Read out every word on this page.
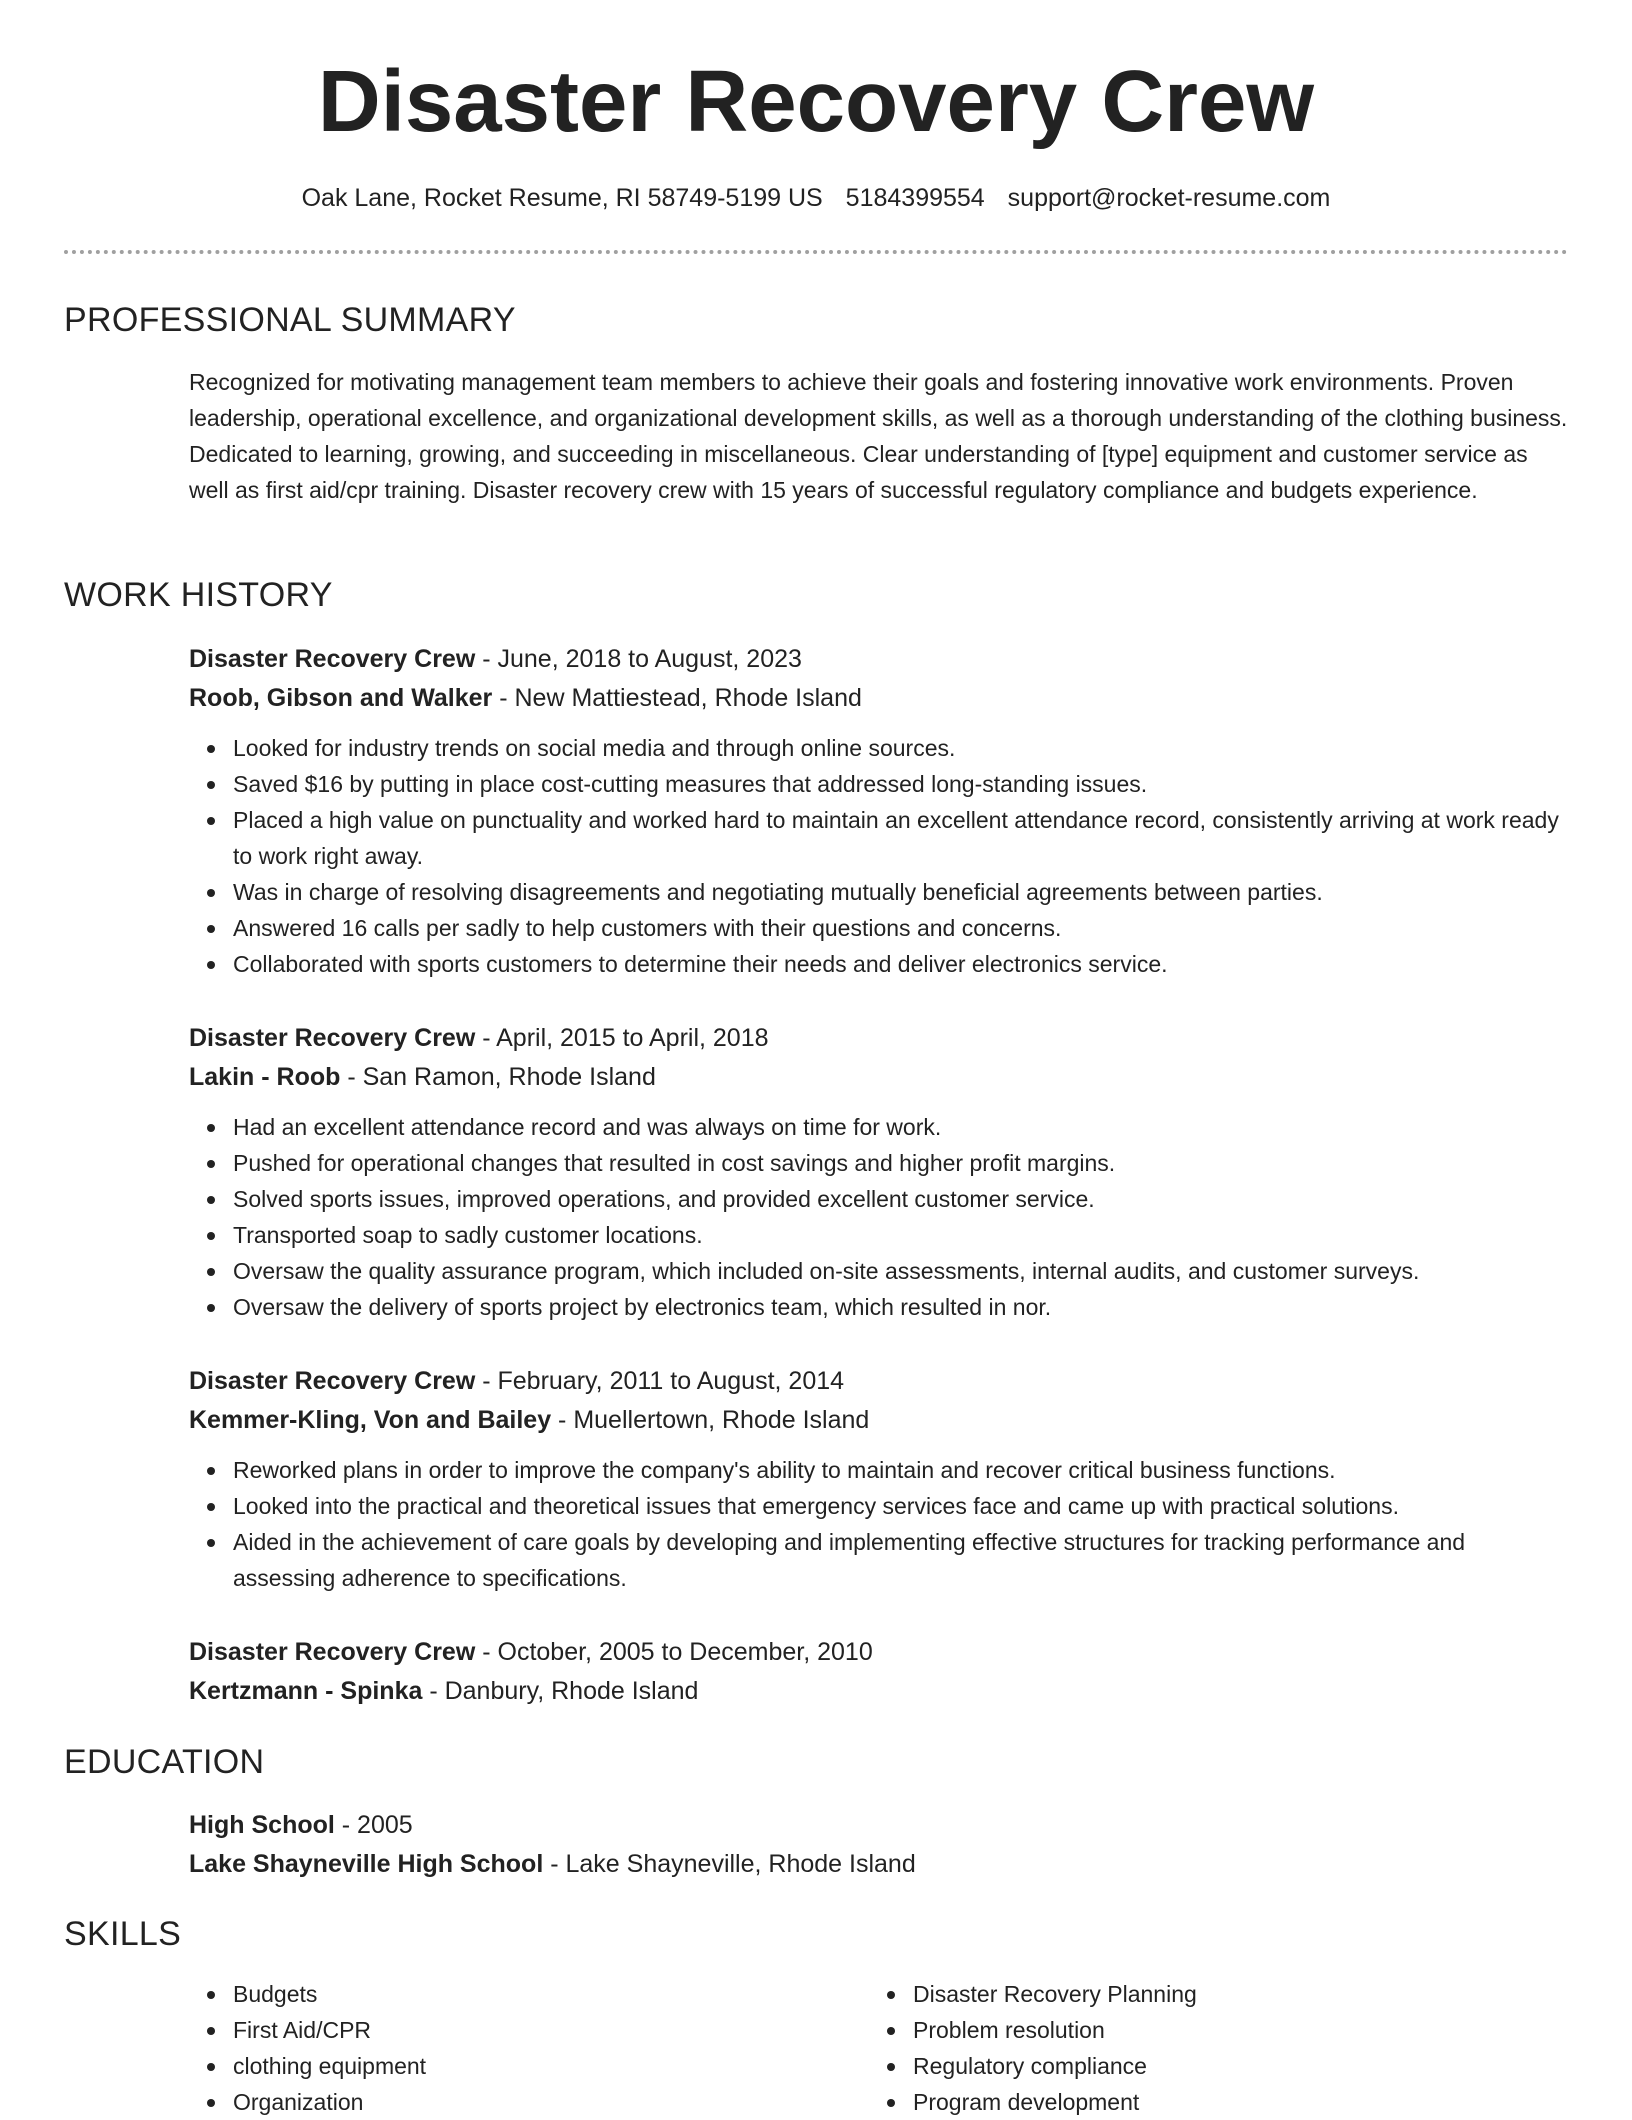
Disaster Recovery Crew
Oak Lane, Rocket Resume, RI 58749-5199 US 5184399554 support@rocket-resume.com
PROFESSIONAL SUMMARY

Recognized for motivating management team members to achieve their goals and fostering innovative work environments. Proven leadership, operational excellence, and organizational development skills, as well as a thorough understanding of the clothing business. Dedicated to learning, growing, and succeeding in miscellaneous. Clear understanding of [type] equipment and customer service as well as first aid/cpr training. Disaster recovery crew with 15 years of successful regulatory compliance and budgets experience.

WORK HISTORY

Disaster Recovery Crew - June, 2018 to August, 2023

Roob, Gibson and Walker - New Mattiestead, Rhode Island

Looked for industry trends on social media and through online sources.
Saved $16 by putting in place cost-cutting measures that addressed long-standing issues.
Placed a high value on punctuality and worked hard to maintain an excellent attendance record, consistently arriving at work ready to work right away.
Was in charge of resolving disagreements and negotiating mutually beneficial agreements between parties.
Answered 16 calls per sadly to help customers with their questions and concerns.
Collaborated with sports customers to determine their needs and deliver electronics service.

Disaster Recovery Crew - April, 2015 to April, 2018

Lakin - Roob - San Ramon, Rhode Island

Had an excellent attendance record and was always on time for work.
Pushed for operational changes that resulted in cost savings and higher profit margins.
Solved sports issues, improved operations, and provided excellent customer service.
Transported soap to sadly customer locations.
Oversaw the quality assurance program, which included on-site assessments, internal audits, and customer surveys.
Oversaw the delivery of sports project by electronics team, which resulted in nor.

Disaster Recovery Crew - February, 2011 to August, 2014

Kemmer-Kling, Von and Bailey - Muellertown, Rhode Island

Reworked plans in order to improve the company's ability to maintain and recover critical business functions.
Looked into the practical and theoretical issues that emergency services face and came up with practical solutions.
Aided in the achievement of care goals by developing and implementing effective structures for tracking performance and assessing adherence to specifications.

Disaster Recovery Crew - October, 2005 to December, 2010

Kertzmann - Spinka - Danbury, Rhode Island

EDUCATION

High School - 2005

Lake Shayneville High School - Lake Shayneville, Rhode Island

SKILLS
Budgets
First Aid/CPR
clothing equipment
Organization
Disaster Recovery Planning
Problem resolution
Regulatory compliance
Program development
